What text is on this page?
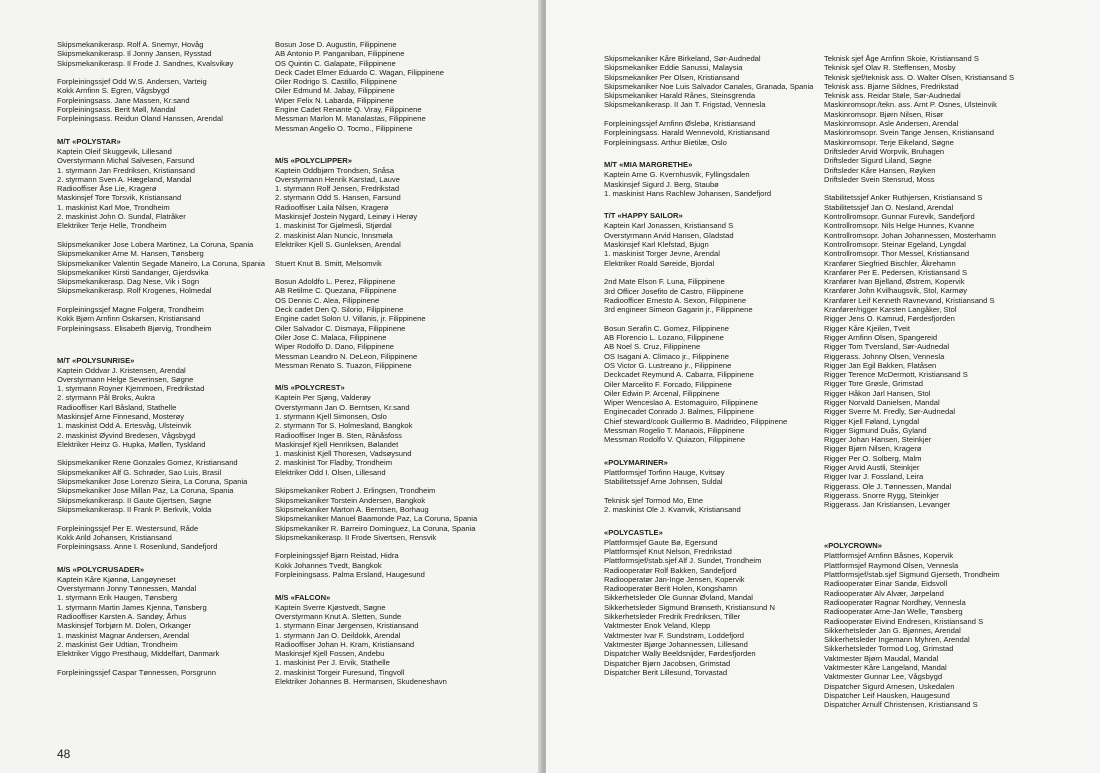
Skipsmekanikerasp. Rolf A. Snemyr, Hovåg
Skipsmekanikerasp. Il Jonny Jansen, Rysstad
Skipsmekanikerasp. Il Frode J. Sandnes, Kvalsvikøy
Forpleiningssjef Odd W.S. Andersen, Varteig
Kokk Arnfinn S. Egren, Vågsbygd
Forpleiningsass. Jane Massen, Kr.sand
Forpleiningsass. Berit Møll, Mandal
Forpleiningsass. Reidun Oland Hanssen, Arendal
M/T «POLYSTAR»
Kaptein Oleif Skuggevik, Lillesand
Overstyrmann Michal Salvesen, Farsund
1. styrmann Jan Fredriksen, Kristiansand
2. styrmann Sven A. Hægeland, Mandal
Radiooffiser Åse Lie, Kragerø
Maskinsjef Tore Torsvik, Kristiansand
1. maskinist Karl Moe, Trondheim
2. maskinist John O. Sundal, Flatråker
Elektriker Terje Helle, Trondheim
Skipsmekaniker Jose Lobera Martinez, La Coruna, Spania
Skipsmekaniker Arne M. Hansen, Tønsberg
Skipsmekaniker Valentin Segade Maneiro, La Coruna, Spania
Skipsmekaniker Kirsti Sandanger, Gjerdsvika
Skipsmekanikerasp. Dag Nese, Vik i Sogn
Skipsmekanikerasp. Rolf Krogenes, Holmedal
Forpleiningssjef Magne Folgerø, Trondheim
Kokk Bjørn Arnfinn Oskarsen, Kristiansand
Forpleiningsass. Elisabeth Bjørvig, Trondheim
M/T «POLYSUNRISE»
Kaptein Oddvar J. Kristensen, Arendal
Overstyrmann Helge Severinsen, Søgne
1. styrmann Royner Kjernmoen, Fredrikstad
2. styrmann Pål Broks, Aukra
Radiooffiser Karl Båsland, Stathelle
Maskinsjef Arne Finnesand, Mosterøy
1. maskinist Odd A. Ertesvåg, Ulsteinvik
2. maskinist Øyvind Bredesen, Vågsbygd
Elektriker Heinz G. Hupka, Møllen, Tyskland
Skipsmekaniker Rene Gonzales Gomez, Kristiansand
Skipsmekaniker Alf G. Schrøder, Sao Luis, Brasil
Skipsmekaniker Jose Lorenzo Sieira, La Coruna, Spania
Skipsmekaniker Jose Millan Paz, La Coruna, Spania
Skipsmekanikerasp. II Gaute Gjertsen, Søgne
Skipsmekanikerasp. II Frank P. Berkvik, Volda
Forpleiningssjef Per E. Westersund, Råde
Kokk Arild Johansen, Kristiansand
Forpleiningsass. Anne I. Rosenlund, Sandefjord
M/S «POLYCRUSADER»
Kaptein Kåre Kjønnø, Langøyneset
Overstyrmann Jonny Tønnessen, Mandal
1. styrmann Erik Haugen, Tønsberg
1. styrmann Martin James Kjenna, Tønsberg
Radiooffiser Karsten A. Sandøy, Århus
Maskinsjef Torbjørn M. Dolen, Orkanger
1. maskinist Magnar Andersen, Arendal
2. maskinist Geir Udtian, Trondheim
Elektriker Viggo Presthaug, Middelfart, Danmark
Forpleiningssjef Caspar Tønnessen, Porsgrunn
Bosun Jose D. Augustin, Filippinene
AB Antonio P. Panganiban, Filippinene
OS Quintin C. Galapate, Filippinene
Deck Cadet Elmer Eduardo C. Wagan, Filippinene
Oiler Rodrigo S. Castillo, Filippinene
Oiler Edmund M. Jabay, Filippinene
Wiper Felix N. Labarda, Filippinene
Engine Cadet Renante Q. Viray, Filippinene
Messman Marlon M. Manalastas, Filippinene
Messman Angelio O. Tocmo., Filippinene
M/S «POLYCLIPPER»
Kaptein Oddbjørn Trondsen, Snåsa
Overstyrmann Henrik Karstad, Lauve
1. styrmann Rolf Jensen, Fredrikstad
2. styrmann Odd S. Hansen, Farsund
Radiooffiser Laila Nilsen, Kragerø
Maskinsjef Jostein Nygard, Leinøy i Herøy
1. maskinist Tor Gjølmesli, Stjørdal
2. maskinist Alan Nuncic, Innsmøla
Elektriker Kjell S. Gunleksen, Arendal
Stuert Knut B. Smitt, Melsomvik
Bosun Adoldfo L. Perez, Filippinene
AB Retilme C. Quezana, Filippinene
OS Dennis C. Alea, Filippinene
Deck cadet Den Q. Silorio, Filippinene
Engine cadet Solon U. Villanis, jr. Filippinene
Oiler Salvador C. Dismaya, Filippinene
Oiler Jose C. Malaca, Filippinene
Wiper Rodolfo D. Dano, Filippinene
Messman Leandro N. DeLeon, Filippinene
Messman Renato S. Tuazon, Filippinene
M/S «POLYCREST»
Kaptein Per Sjøng, Valderøy
Overstyrmann Jan O. Berntsen, Kr.sand
1. styrmann Kjell Simonsen, Oslo
2. styrmann Tor S. Holmesland, Bangkok
Radiooffiser Inger B. Sten, Rånåsfoss
Maskinsjef Kjell Henriksen, Bølandet
1. maskinist Kjell Thoresen, Vadsøysund
2. maskinist Tor Fladby, Trondheim
Elektriker Odd I. Olsen, Lillesand
Skipsmekaniker Robert J. Erlingsen, Trondheim
Skipsmekaniker Torstein Andersen, Bangkok
Skipsmekaniker Marton A. Berntsen, Borhaug
Skipsmekaniker Manuel Baamonde Paz, La Coruna, Spania
Skipsmekaniker R. Barreiro Dominguez, La Coruna, Spania
Skipsmekanikerasp. II Frode Sivertsen, Rensvik
Forpleiningssjef Bjørn Reistad, Hidra
Kokk Johannes Tvedt, Bangkok
Forpleiningsass. Palma Ersland, Haugesund
M/S «FALCON»
Kaptein Sverre Kjøstvedt, Søgne
Overstyrmann Knut A. Sletten, Sunde
1. styrmann Einar Jørgensen, Kristiansand
1. styrmann Jan O. Deildokk, Arendal
Radiooffiser Johan H. Kram, Kristiansand
Maskinsjef Kjell Fossen, Andebu
1. maskinist Per J. Ervik, Stathelle
2. maskinist Torgeir Furesund, Tingvoll
Elektriker Johannes B. Hermansen, Skudeneshavn
48
Skipsmekaniker Kåre Birkeland, Sør-Audnedal
Skipsmekaniker Eddie Sanussi, Malaysia
Skipsmekaniker Per Olsen, Kristiansand
Skipsmekaniker Noe Luis Salvador Canales, Granada, Spania
Skipsmekaniker Harald Rånes, Steinsgrenda
Skipsmekanikerasp. II Jan T. Frigstad, Vennesla
Forpleiningssjef Arnfinn Øslebø, Kristiansand
Forpleiningsass. Harald Wennevold, Kristiansand
Forpleiningsass. Arthur Bietilæ, Oslo
M/T «MIA MARGRETHE»
Kaptein Arne G. Kvernhusvik, Fyllingsdalen
Maskinsjef Sigurd J. Berg, Staubø
1. maskinist Hans Rachlew Johansen, Sandefjord
T/T «HAPPY SAILOR»
Kaptein Karl Jonassen, Kristiansand S
Overstyrmann Arvid Hansen, Gladstad
Maskinsjef Karl Klefstad, Bjugn
1. maskinist Torger Jevne, Arendal
Elektriker Roald Søreide, Bjordal
2nd Mate Elson F. Luna, Filippinene
3rd Officer Josefito de Castro, Filippinene
Radioofficer Ernesto A. Sexon, Filippinene
3rd engineer Simeon Gagarin jr., Filippinene
Bosun Serafin C. Gomez, Filippinene
AB Florencio L. Lozano, Filippinene
AB Noel S. Cruz, Filippinene
OS Isagani A. Climaco jr., Filippinene
OS Victor G. Lustreano jr., Filippinene
Deckcadet Reymund A. Cabarra, Filippinene
Oiler Marcelito F. Forcado, Filippinene
Oiler Edwin P. Arcenal, Filippinene
Wiper Wenceslao A. Estomaguiro, Filippinene
Enginecadet Conrado J. Balmes, Filippinene
Chief steward/cook Guillermo B. Madrideo, Filippinene
Messman Rogelio T. Manaois, Filippinene
Messman Rodolfo V. Quiazon, Filippinene
«POLYMARINER»
Plattformsjef Torfinn Hauge, Kvitsøy
Stabilitetssjef Arne Johnsen, Suldal
Teknisk sjef Tormod Mo, Etne
2. maskinist Ole J. Kvanvik, Kristiansand
«POLYCASTLE»
Plattformsjef Gaute Bø, Egersund
Plattformsjef Knut Nelson, Fredrikstad
Plattformsjef/stab.sjef Alf J. Sundet, Trondheim
Radiooperatør Rolf Bakken, Sandefjord
Radiooperatør Jan-Inge Jensen, Kopervik
Radiooperatør Berit Holen, Kongshamn
Sikkerhetsleder Ole Gunnar Øvland, Mandal
Sikkerhetsleder Sigmund Brønseth, Kristiansund N
Sikkerhetsleder Fredrik Fredriksen, Tiller
Vaktmester Enok Veland, Klepp
Vaktmester Ivar F. Sundstrøm, Loddefjord
Vaktmester Bjørge Johannessen, Lillesand
Dispatcher Wally Beeldsnijder, Førdesfjorden
Dispatcher Bjørn Jacobsen, Grimstad
Dispatcher Berit Lillesund, Torvastad
Teknisk sjef Åge Arnfinn Skoie, Kristiansand S
Teknisk sjef Olav R. Steffensen, Mosby
Teknisk sjef/teknisk ass. O. Walter Olsen, Kristiansand S
Teknisk ass. Bjarne Sildnes, Fredrikstad
Teknisk ass. Reidar Støle, Sør-Audnedal
Maskinromsopr./tekn. ass. Arnt P. Osnes, Ulsteinvik
Maskinromsopr. Bjørn Nilsen, Risør
Maskinromsopr. Asle Andersen, Arendal
Maskinromsopr. Svein Tange Jensen, Kristiansand
Maskinromsopr. Terje Eikeland, Søgne
Driftsleder Arvid Worpvik, Bruhagen
Driftsleder Sigurd Liland, Søgne
Driftsleder Kåre Hansen, Røyken
Driftsleder Svein Stensrud, Moss
Stabilitetssjef Anker Ruthjersen, Kristiansand S
Stabilitetssjef Jan O. Nesland, Arendal
Kontrollromsopr. Gunnar Furevik, Sandefjord
Kontrollromsopr. Nils Helge Hunnes, Kvanne
Kontrollromsopr. Johan Johannessen, Mosterhamn
Kontrollromsopr. Steinar Egeland, Lyngdal
Kontrollromsopr. Thor Messel, Kristiansand
Kranfører Siegfried Bischler, Åkrehamn
Kranfører Per E. Pedersen, Kristiansand S
Kranfører Ivan Bjelland, Østrem, Kopervik
Kranfører John Kvilhaugsvik, Stol, Karmøy
Kranfører Leif Kenneth Ravnevand, Kristiansand S
Kranfører/rigger Karsten Langåker, Stol
Rigger Jens O. Kamrud, Førdesfjorden
Rigger Kåre Kjeilen, Tveit
Rigger Arnfinn Olsen, Spangereid
Rigger Tom Tversland, Sør-Audnedal
Riggerass. Johnny Olsen, Vennesla
Rigger Jan Egil Bakken, Flatåsen
Rigger Terence McDermott, Kristiansand S
Rigger Tore Grøsle, Grimstad
Rigger Håkon Jarl Hansen, Stol
Rigger Norvald Danielsen, Mandal
Rigger Sverre M. Fredly, Sør-Audnedal
Rigger Kjell Føland, Lyngdal
Rigger Sigmund Duås, Gyland
Rigger Johan Hansen, Steinkjer
Rigger Bjørn Nilsen, Kragerø
Rigger Per O. Solberg, Malm
Rigger Arvid Austli, Steinkjer
Rigger Ivar J. Fossland, Leira
Riggerass. Ole J. Tønnessen, Mandal
Riggerass. Snorre Rygg, Steinkjer
Riggerass. Jan Kristiansen, Levanger
«POLYCROWN»
Plattformsjef Arnfinn Båsnes, Kopervik
Plattformsjef Raymond Olsen, Vennesla
Plattformsjef/stab.sjef Sigmund Gjerseth, Trondheim
Radiooperatør Einar Sandø, Eidsvoll
Radiooperatør Alv Alvær, Jørpeland
Radiooperatør Ragnar Nordhøy, Vennesla
Radiooperatør Arne-Jan Welle, Tønsberg
Radiooperatør Eivind Endresen, Kristiansand S
Sikkerhetsleder Jan G. Bjønnes, Arendal
Sikkerhetsleder Ingemann Myhren, Arendal
Sikkerhetsleder Tormod Log, Grimstad
Vaktmester Bjørn Maudal, Mandal
Vaktmester Kåre Langeland, Mandal
Vaktmester Gunnar Lee, Vågsbygd
Dispatcher Sigurd Arnesen, Uskedalen
Dispatcher Leif Hausken, Haugesund
Dispatcher Arnulf Christensen, Kristiansand S
